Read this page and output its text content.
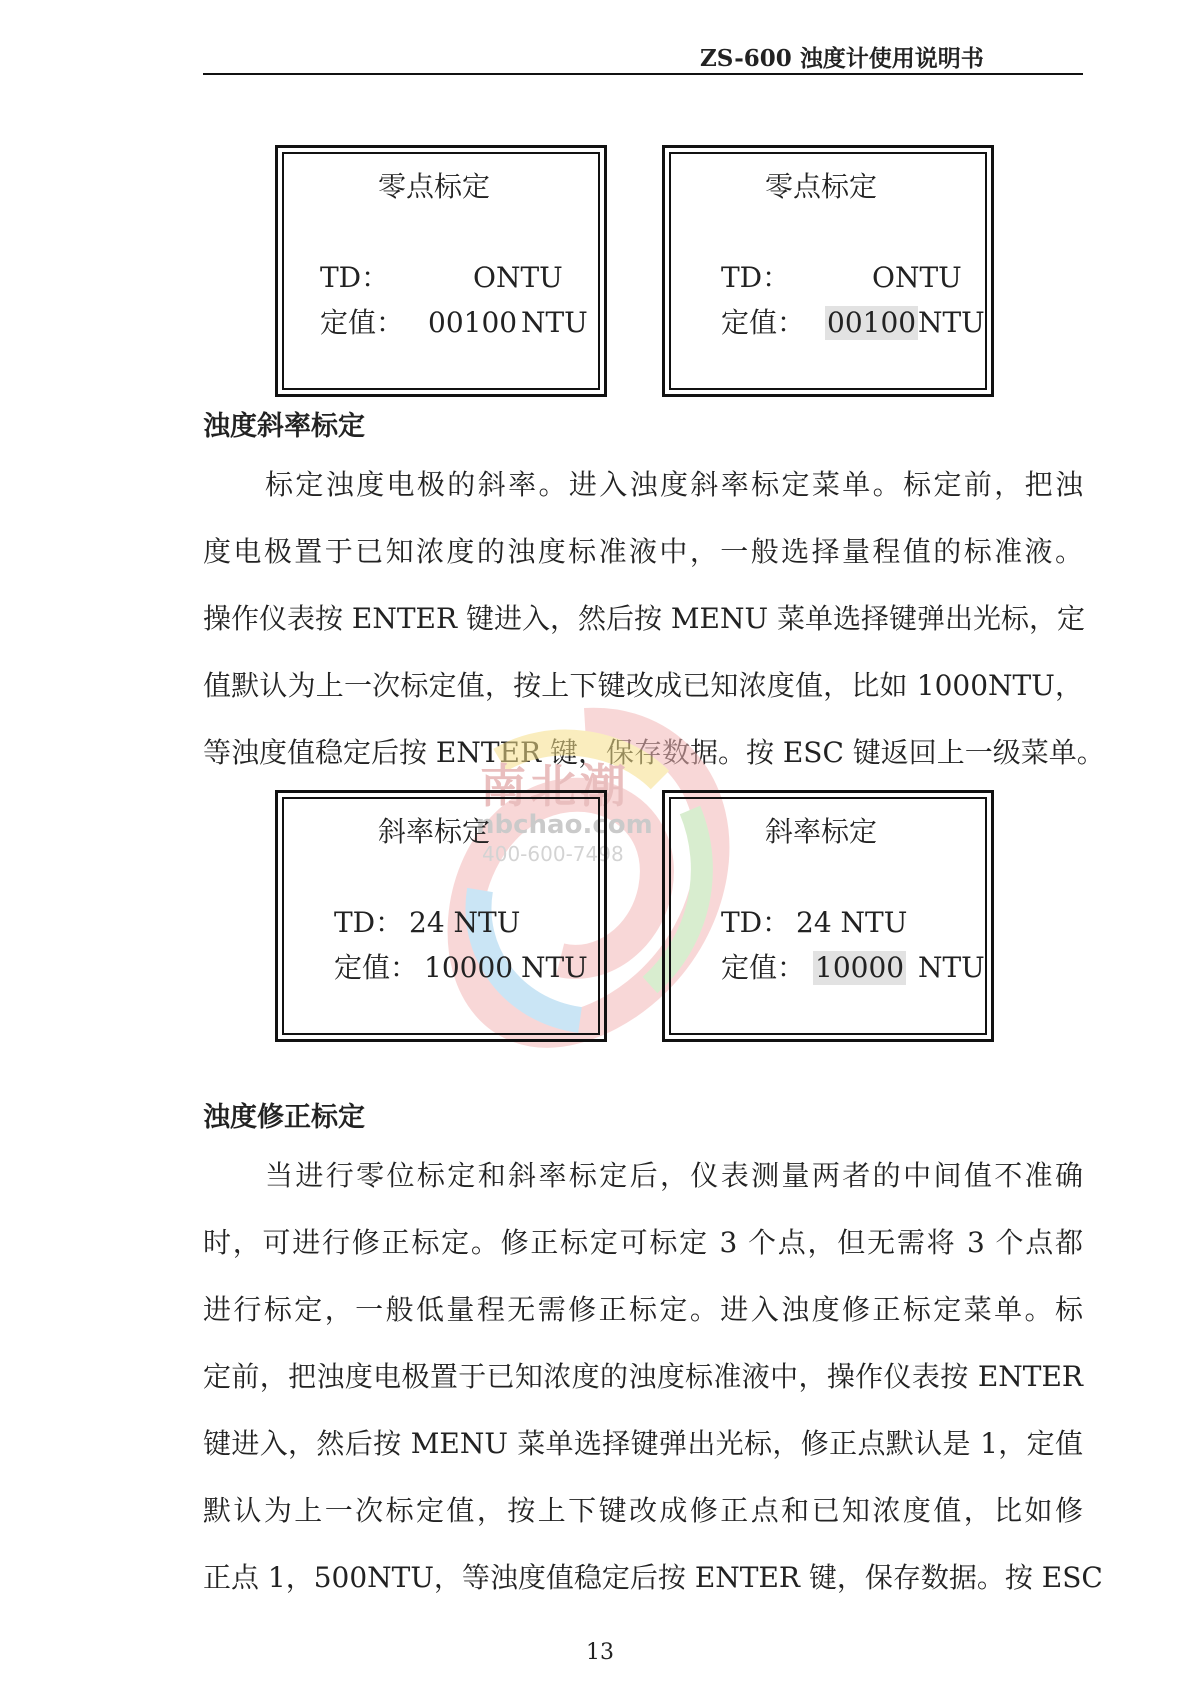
ZS-600 浊度计使用说明书
零点标定
TD：	ONTU
定值： 00100 NTU
零点标定
TD：	ONTU
定值： 00100 NTU
浊度斜率标定
标定浊度电极的斜率。进入浊度斜率标定菜单。标定前，把浊
度电极置于已知浓度的浊度标准液中，一般选择量程值的标准液。
操作仪表按 ENTER 键进入，然后按 MENU 菜单选择键弹出光标，定
值默认为上一次标定值，按上下键改成已知浓度值，比如 1000NTU，
等浊度值稳定后按 ENTER 键，保存数据。按 ESC 键返回上一级菜单。
南北潮
nbchao.com
400-600-7498
斜率标定
TD： 24 NTU
定值： 10000 NTU
斜率标定
TD： 24 NTU
定值： 10000 NTU
浊度修正标定
当进行零位标定和斜率标定后，仪表测量两者的中间值不准确
时，可进行修正标定。修正标定可标定 3 个点，但无需将 3 个点都
进行标定，一般低量程无需修正标定。进入浊度修正标定菜单。标
定前，把浊度电极置于已知浓度的浊度标准液中，操作仪表按 ENTER
键进入，然后按 MENU 菜单选择键弹出光标，修正点默认是 1，定值
默认为上一次标定值，按上下键改成修正点和已知浓度值，比如修
正点 1，500NTU，等浊度值稳定后按 ENTER 键，保存数据。按 ESC
13
